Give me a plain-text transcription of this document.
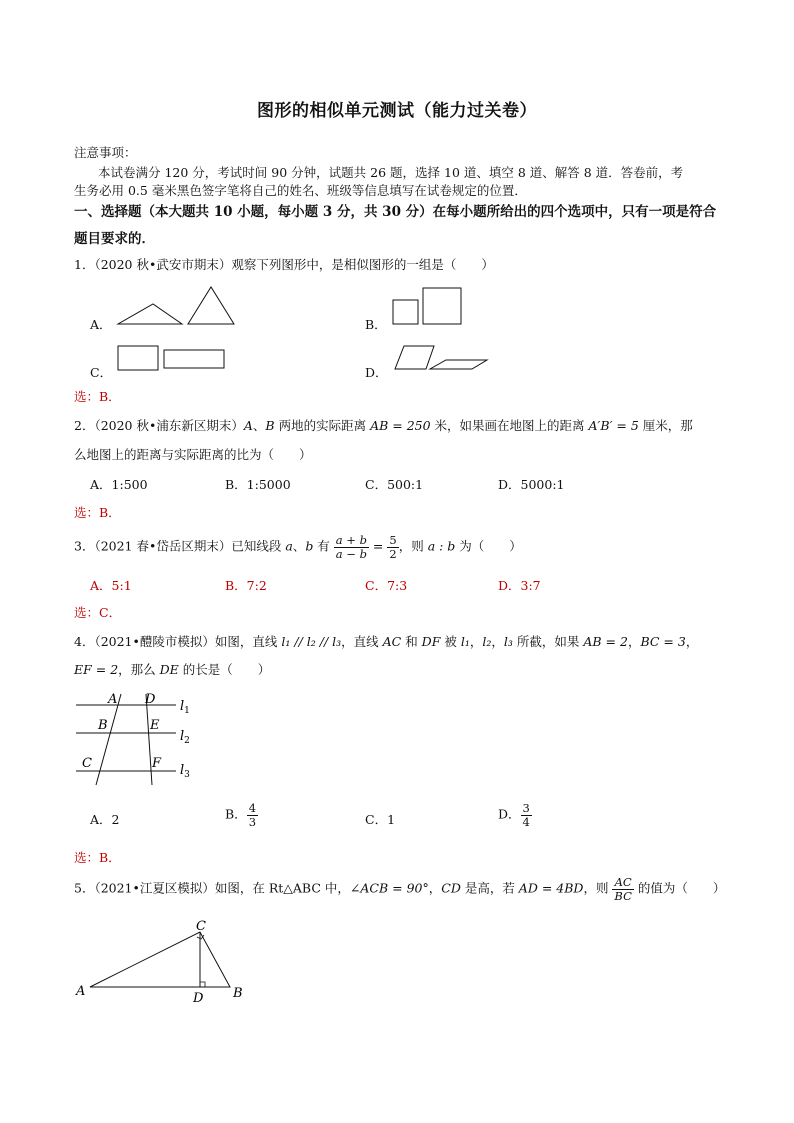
图形的相似单元测试（能力过关卷）
注意事项：
本试卷满分 120 分，考试时间 90 分钟，试题共 26 题，选择 10 道、填空 8 道、解答 8 道．答卷前，考
生务必用 0.5 毫米黑色签字笔将自己的姓名、班级等信息填写在试卷规定的位置．
一、选择题（本大题共 10 小题，每小题 3 分，共 30 分）在每小题所给出的四个选项中，只有一项是符合
题目要求的．
1．（2020 秋•武安市期末）观察下列图形中，是相似图形的一组是（　　）
A．	B．
C．	D．
选：B．
2．（2020 秋•浦东新区期末）A、B 两地的实际距离 AB = 250 米，如果画在地图上的距离 A′B′ = 5 厘米，那
么地图上的距离与实际距离的比为（　　）
A．1:500	B．1:5000	C．500:1	D．5000:1
选：B．
3．（2021 春•岱岳区期末）已知线段 a、b 有 $\frac{a + b}{a - b} = \frac{5}{2}$ ，则 a : b 为（　　）
A．5:1	B．7:2	C．7:3	D．3:7
选：C．
4．（2021•醴陵市模拟）如图，直线 l₁ // l₂ // l₃，直线 AC 和 DF 被 l₁，l₂，l₃ 所截，如果 AB = 2，BC = 3，
EF = 2，那么 DE 的长是（　　）
A D
B	E
C	F
$l_1$
$l_2$
$l_3$
A．2	B． $\frac{4}{3}$	C．1	D． $\frac{3}{4}$
选：B．
5．（2021•江夏区模拟）如图，在 Rt△ABC 中，∠ACB = 90°，CD 是高，若 AD = 4BD，则 $\frac{AC}{BC}$ 的值为（　　）
A	B
C
D
